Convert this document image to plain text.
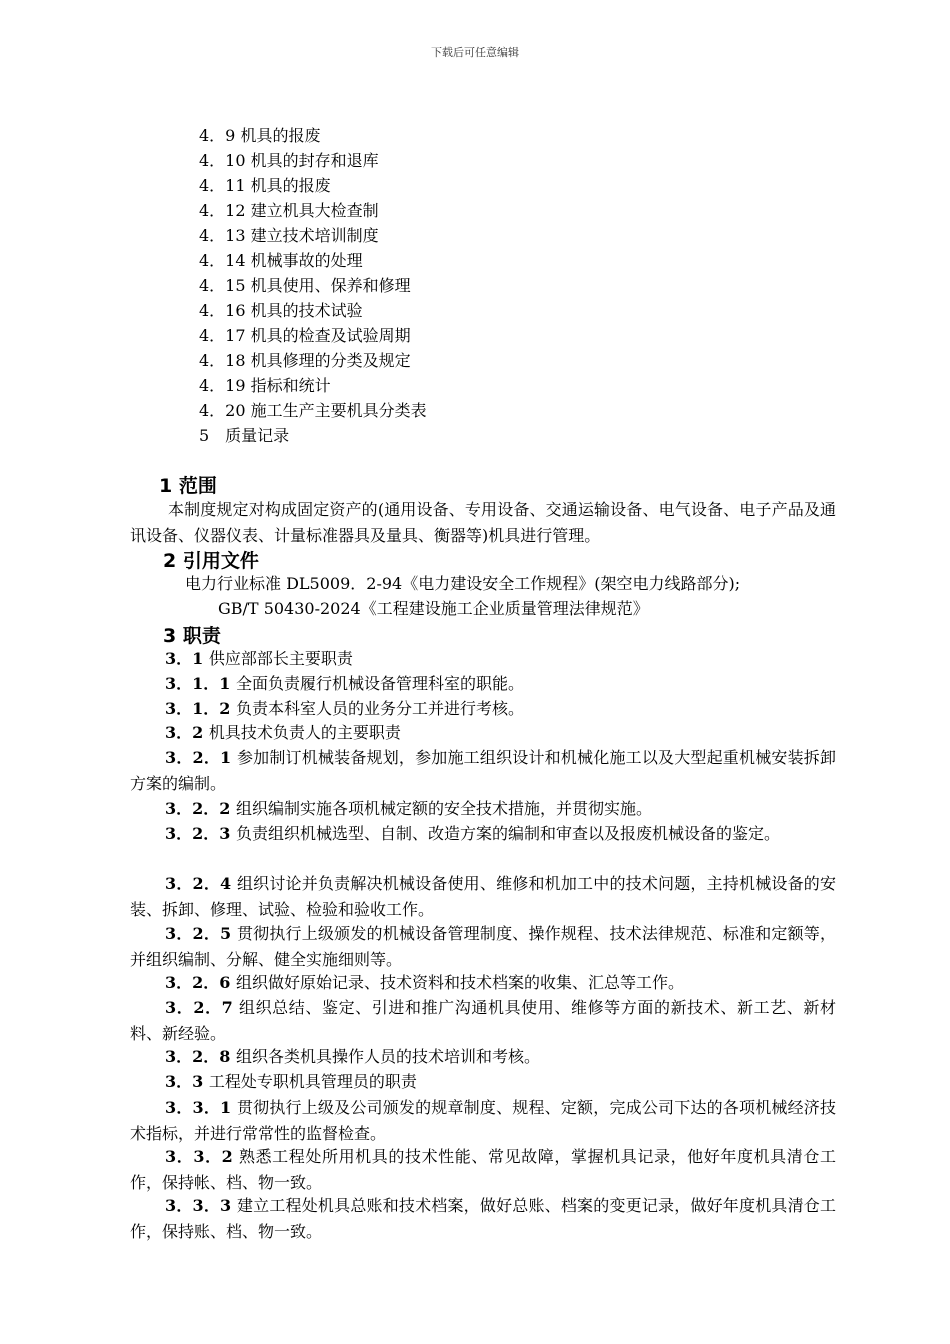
下载后可任意编辑
4．9 机具的报废
4．10 机具的封存和退库
4．11 机具的报废
4．12 建立机具大检查制
4．13 建立技术培训制度
4．14 机械事故的处理
4．15 机具使用、保养和修理
4．16 机具的技术试验
4．17 机具的检查及试验周期
4．18 机具修理的分类及规定
4．19 指标和统计
4．20 施工生产主要机具分类表
5　质量记录
1 范围
本制度规定对构成固定资产的(通用设备、专用设备、交通运输设备、电气设备、电子产品及通讯设备、仪器仪表、计量标准器具及量具、衡器等)机具进行管理。
2 引用文件
电力行业标准 DL5009．2-94《电力建设安全工作规程》(架空电力线路部分);
GB/T 50430-2024《工程建设施工企业质量管理法律规范》
3 职责
3．1 供应部部长主要职责
3．1．1 全面负责履行机械设备管理科室的职能。
3．1．2 负责本科室人员的业务分工并进行考核。
3．2 机具技术负责人的主要职责
3．2．1 参加制订机械装备规划，参加施工组织设计和机械化施工以及大型起重机械安装拆卸方案的编制。
3．2．2 组织编制实施各项机械定额的安全技术措施，并贯彻实施。
3．2．3 负责组织机械选型、自制、改造方案的编制和审查以及报废机械设备的鉴定。
3．2．4 组织讨论并负责解决机械设备使用、维修和机加工中的技术问题，主持机械设备的安装、拆卸、修理、试验、检验和验收工作。
3．2．5 贯彻执行上级颁发的机械设备管理制度、操作规程、技术法律规范、标准和定额等，并组织编制、分解、健全实施细则等。
3．2．6 组织做好原始记录、技术资料和技术档案的收集、汇总等工作。
3．2．7 组织总结、鉴定、引进和推广沟通机具使用、维修等方面的新技术、新工艺、新材料、新经验。
3．2．8 组织各类机具操作人员的技术培训和考核。
3．3 工程处专职机具管理员的职责
3．3．1 贯彻执行上级及公司颁发的规章制度、规程、定额，完成公司下达的各项机械经济技术指标，并进行常常性的监督检查。
3．3．2 熟悉工程处所用机具的技术性能、常见故障，掌握机具记录，他好年度机具清仓工作，保持帐、档、物一致。
3．3．3 建立工程处机具总账和技术档案，做好总账、档案的变更记录，做好年度机具清仓工作，保持账、档、物一致。
